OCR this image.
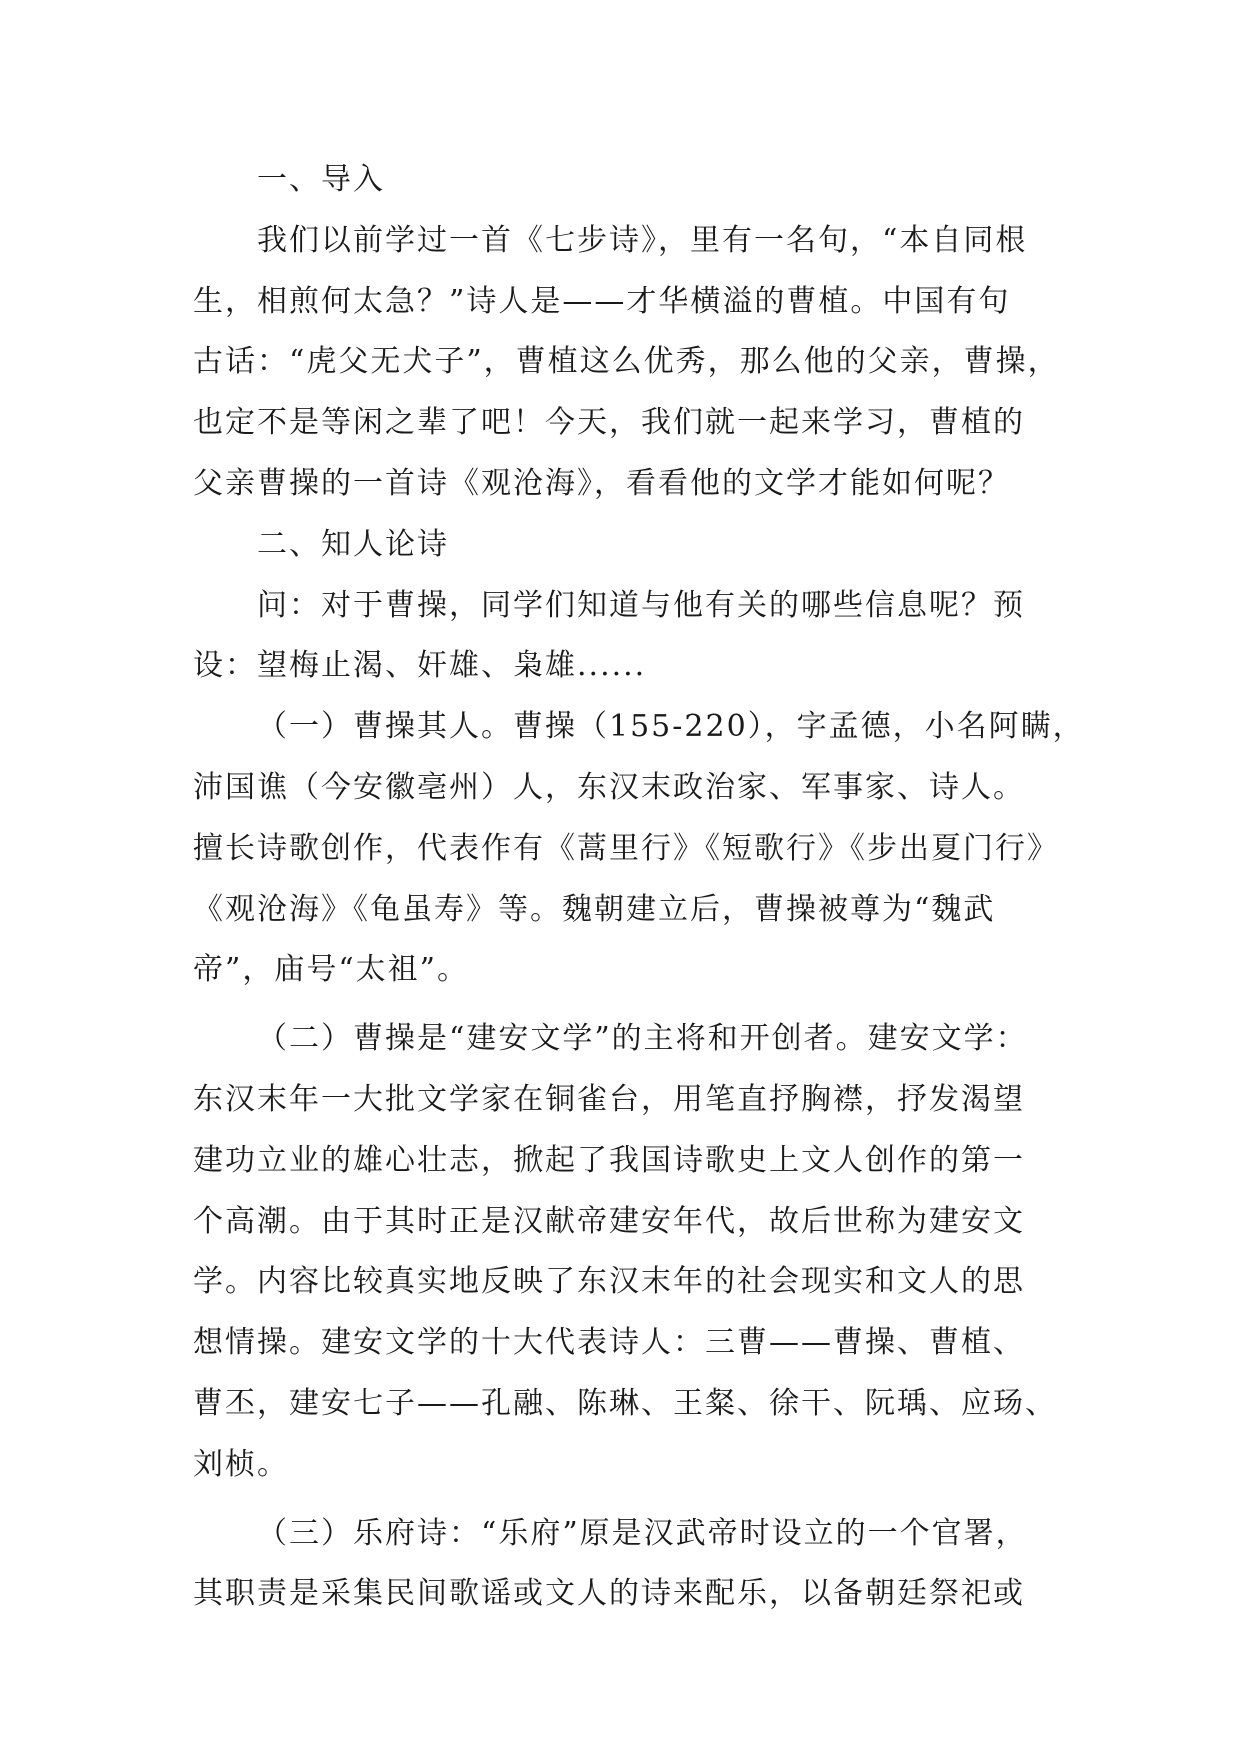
一、导入
我们以前学过一首《七步诗》，里有一名句，“本自同根
生，相煎何太急？”诗人是——才华横溢的曹植。中国有句
古话：“虎父无犬子”，曹植这么优秀，那么他的父亲，曹操，
也定不是等闲之辈了吧！今天，我们就一起来学习，曹植的
父亲曹操的一首诗《观沧海》，看看他的文学才能如何呢？
二、知人论诗
问：对于曹操，同学们知道与他有关的哪些信息呢？预
设：望梅止渴、奸雄、枭雄......
（一）曹操其人。曹操（155-220），字孟德，小名阿瞒，
沛国谯（今安徽亳州）人，东汉末政治家、军事家、诗人。
擅长诗歌创作，代表作有《蒿里行》《短歌行》《步出夏门行》
《观沧海》《龟虽寿》等。魏朝建立后，曹操被尊为“魏武
帝”，庙号“太祖”。
（二）曹操是“建安文学”的主将和开创者。建安文学：
东汉末年一大批文学家在铜雀台，用笔直抒胸襟，抒发渴望
建功立业的雄心壮志，掀起了我国诗歌史上文人创作的第一
个高潮。由于其时正是汉献帝建安年代，故后世称为建安文
学。内容比较真实地反映了东汉末年的社会现实和文人的思
想情操。建安文学的十大代表诗人：三曹——曹操、曹植、
曹丕，建安七子——孔融、陈琳、王粲、徐干、阮瑀、应玚、
刘桢。
（三）乐府诗：“乐府”原是汉武帝时设立的一个官署，
其职责是采集民间歌谣或文人的诗来配乐，以备朝廷祭祀或
